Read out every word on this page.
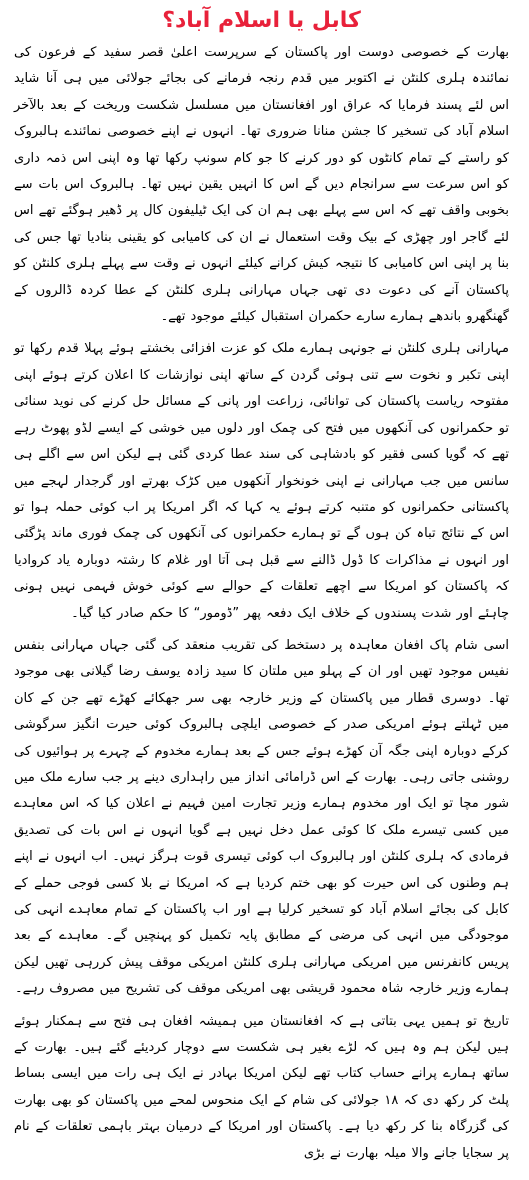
کابل یا اسلام آباد؟

بھارت کے خصوصی دوست اور پاکستان کے سرپرست اعلیٰ قصر سفید کے فرعون کی نمائندہ ہلری کلنٹن نے اکتوبر میں قدم رنجہ فرمانے کی بجائے جولائی میں ہی آنا شاید اس لئے پسند فرمایا کہ عراق اور افغانستان میں مسلسل شکست وریخت کے بعد بالآخر اسلام آباد کی تسخیر کا جشن منانا ضروری تھا۔ انہوں نے اپنے خصوصی نمائندے ہالبروک کو راستے کے تمام کانٹوں کو دور کرنے کا جو کام سونپ رکھا تھا وہ اپنی اس ذمہ داری کو اس سرعت سے سرانجام دیں گے اس کا انہیں یقین نہیں تھا۔ ہالبروک اس بات سے بخوبی واقف تھے کہ اس سے پہلے بھی ہم ان کی ایک ٹیلیفون کال پر ڈھیر ہوگئے تھے اس لئے گاجر اور چھڑی کے بیک وقت استعمال نے ان کی کامیابی کو یقینی بنادیا تھا جس کی بنا پر اپنی اس کامیابی کا نتیجہ کیش کرانے کیلئے انہوں نے وقت سے پہلے ہلری کلنٹن کو پاکستان آنے کی دعوت دی تھی جہاں مہارانی ہلری کلنٹن کے عطا کردہ ڈالروں کے گھنگھرو باندھے ہمارے سارے حکمران استقبال کیلئے موجود تھے۔

مہارانی ہلری کلنٹن نے جونہی ہمارے ملک کو عزت افزائی بخشتے ہوئے پہلا قدم رکھا تو اپنی تکبر و نخوت سے تنی ہوئی گردن کے ساتھ اپنی نوازشات کا اعلان کرتے ہوئے اپنی مفتوحہ ریاست پاکستان کی توانائی، زراعت اور پانی کے مسائل حل کرنے کی نوید سنائی تو حکمرانوں کی آنکھوں میں فتح کی چمک اور دلوں میں خوشی کے ایسے لڈو پھوٹ رہے تھے کہ گویا کسی فقیر کو بادشاہی کی سند عطا کردی گئی ہے لیکن اس سے اگلے ہی سانس میں جب مہارانی نے اپنی خونخوار آنکھوں میں کڑک بھرتے اور گرجدار لہجے میں پاکستانی حکمرانوں کو متنبہ کرتے ہوئے یہ کہا کہ اگر امریکا پر اب کوئی حملہ ہوا تو اس کے نتائج تباہ کن ہوں گے تو ہمارے حکمرانوں کی آنکھوں کی چمک فوری ماند پڑگئی اور انہوں نے مذاکرات کا ڈول ڈالنے سے قبل ہی آتا اور غلام کا رشتہ دوبارہ یاد کروادیا کہ پاکستان کو امریکا سے اچھے تعلقات کے حوالے سے کوئی خوش فہمی نہیں ہونی چاہئے اور شدت پسندوں کے خلاف ایک دفعہ پھر ”ڈومور“ کا حکم صادر کیا گیا۔

اسی شام پاک افغان معاہدہ پر دستخط کی تقریب منعقد کی گئی جہاں مہارانی بنفس نفیس موجود تھیں اور ان کے پہلو میں ملتان کا سید زادہ یوسف رضا گیلانی بھی موجود تھا۔ دوسری قطار میں پاکستان کے وزیر خارجہ بھی سر جھکائے کھڑے تھے جن کے کان میں ٹہلتے ہوئے امریکی صدر کے خصوصی ایلچی ہالبروک کوئی حیرت انگیز سرگوشی کرکے دوبارہ اپنی جگہ آن کھڑے ہوئے جس کے بعد ہمارے مخدوم کے چہرے پر ہوائیوں کی روشنی جاتی رہی۔ بھارت کے اس ڈرامائی انداز میں راہداری دینے پر جب سارے ملک میں شور مچا تو ایک اور مخدوم ہمارے وزیر تجارت امین فہیم نے اعلان کیا کہ اس معاہدے میں کسی تیسرے ملک کا کوئی عمل دخل نہیں ہے گویا انہوں نے اس بات کی تصدیق فرمادی کہ ہلری کلنٹن اور ہالبروک اب کوئی تیسری قوت ہرگز نہیں۔ اب انہوں نے اپنے ہم وطنوں کی اس حیرت کو بھی ختم کردیا ہے کہ امریکا نے بلا کسی فوجی حملے کے کابل کی بجائے اسلام آباد کو تسخیر کرلیا ہے اور اب پاکستان کے تمام معاہدے انہی کی موجودگی میں انہی کی مرضی کے مطابق پایہ تکمیل کو پہنچیں گے۔ معاہدے کے بعد پریس کانفرنس میں امریکی مہارانی ہلری کلنٹن امریکی موقف پیش کررہی تھیں لیکن ہمارے وزیر خارجہ شاہ محمود قریشی بھی امریکی موقف کی تشریح میں مصروف رہے۔

تاریخ تو ہمیں یہی بتاتی ہے کہ افغانستان میں ہمیشہ افغان ہی فتح سے ہمکنار ہوئے ہیں لیکن ہم وہ ہیں کہ لڑے بغیر ہی شکست سے دوچار کردیئے گئے ہیں۔ بھارت کے ساتھ ہمارے پرانے حساب کتاب تھے لیکن امریکا بہادر نے ایک ہی رات میں ایسی بساط پلٹ کر رکھ دی کہ ۱۸ جولائی کی شام کے ایک منحوس لمحے میں پاکستان کو بھی بھارت کی گزرگاہ بنا کر رکھ دیا ہے۔ پاکستان اور امریکا کے درمیان بہتر باہمی تعلقات کے نام پر سجایا جانے والا میلہ بھارت نے بڑی
